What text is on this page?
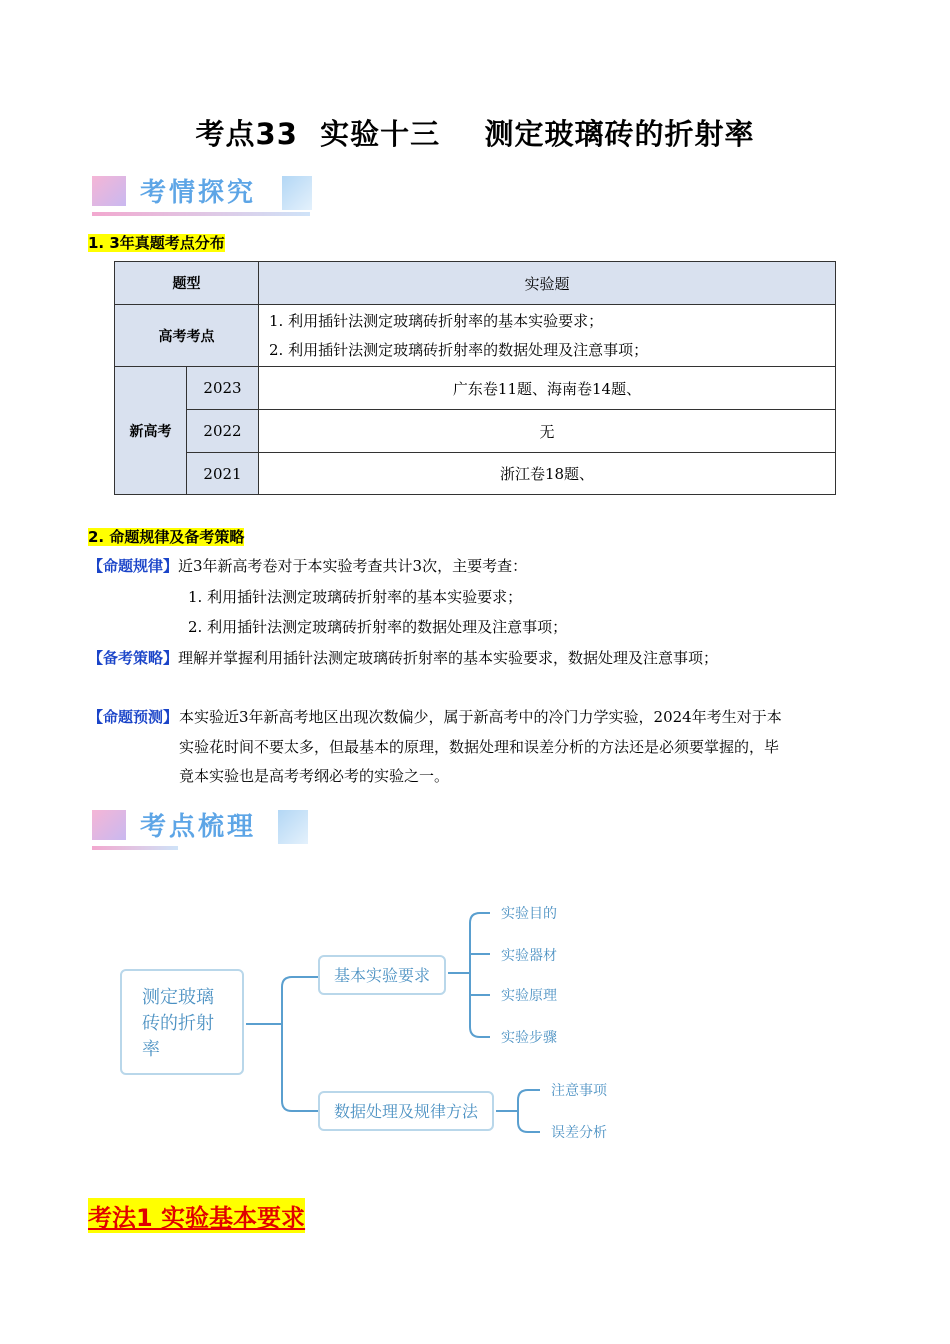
考点33  实验十三    测定玻璃砖的折射率
考情探究
1. 3年真题考点分布
题型		实验题
高考考点		1. 利用插针法测定玻璃砖折射率的基本实验要求；
2. 利用插针法测定玻璃砖折射率的数据处理及注意事项；

新高考	2023	广东卷11题、海南卷14题、
	2022	无
	2021	浙江卷18题、
2. 命题规律及备考策略
【命题规律】近3年新高考卷对于本实验考查共计3次，主要考查：
1. 利用插针法测定玻璃砖折射率的基本实验要求；
2. 利用插针法测定玻璃砖折射率的数据处理及注意事项；
【备考策略】理解并掌握利用插针法测定玻璃砖折射率的基本实验要求，数据处理及注意事项；
【命题预测】 本实验近3年新高考地区出现次数偏少，属于新高考中的冷门力学实验，2024年考生对于本
实验花时间不要太多，但最基本的原理，数据处理和误差分析的方法还是必须要掌握的，毕
竟本实验也是高考考纲必考的实验之一。
考点梳理
测定玻璃
砖的折射
率
基本实验要求
数据处理及规律方法
实验目的
实验器材
实验原理
实验步骤
注意事项
误差分析
考法1 实验基本要求
